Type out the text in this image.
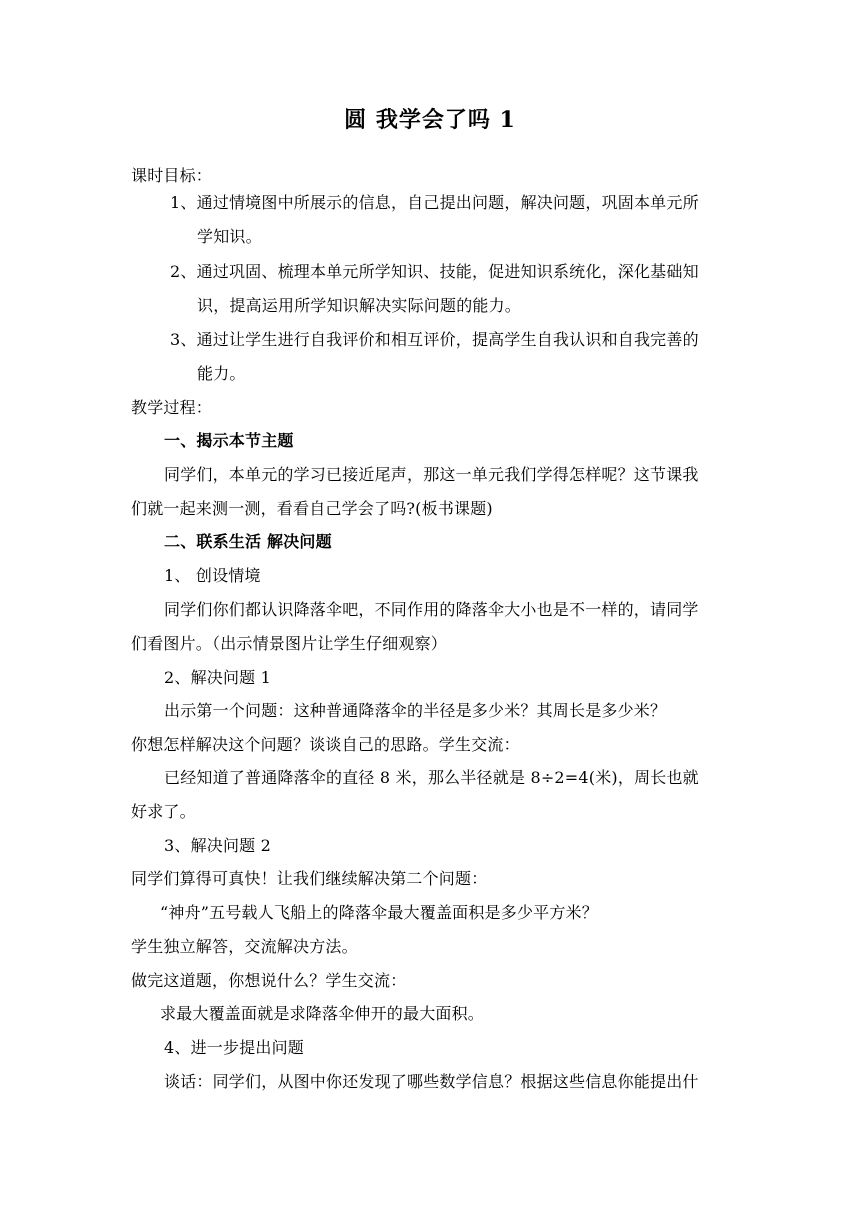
圆 我学会了吗 1
课时目标：
1、通过情境图中所展示的信息，自己提出问题，解决问题，巩固本单元所
学知识。
2、通过巩固、梳理本单元所学知识、技能，促进知识系统化，深化基础知
识，提高运用所学知识解决实际问题的能力。
3、通过让学生进行自我评价和相互评价，提高学生自我认识和自我完善的
能力。
教学过程：
一、揭示本节主题
同学们，本单元的学习已接近尾声，那这一单元我们学得怎样呢？这节课我
们就一起来测一测，看看自己学会了吗?(板书课题)
二、联系生活 解决问题
1、 创设情境
同学们你们都认识降落伞吧，不同作用的降落伞大小也是不一样的，请同学
们看图片。（出示情景图片让学生仔细观察）
2、解决问题 1
出示第一个问题：这种普通降落伞的半径是多少米？其周长是多少米？
你想怎样解决这个问题？谈谈自己的思路。学生交流：
已经知道了普通降落伞的直径 8 米，那么半径就是 8÷2=4(米)，周长也就
好求了。
3、解决问题 2
同学们算得可真快！让我们继续解决第二个问题：
“神舟”五号载人飞船上的降落伞最大覆盖面积是多少平方米？
学生独立解答，交流解决方法。
做完这道题，你想说什么？学生交流：
求最大覆盖面就是求降落伞伸开的最大面积。
4、进一步提出问题
谈话：同学们，从图中你还发现了哪些数学信息？根据这些信息你能提出什
